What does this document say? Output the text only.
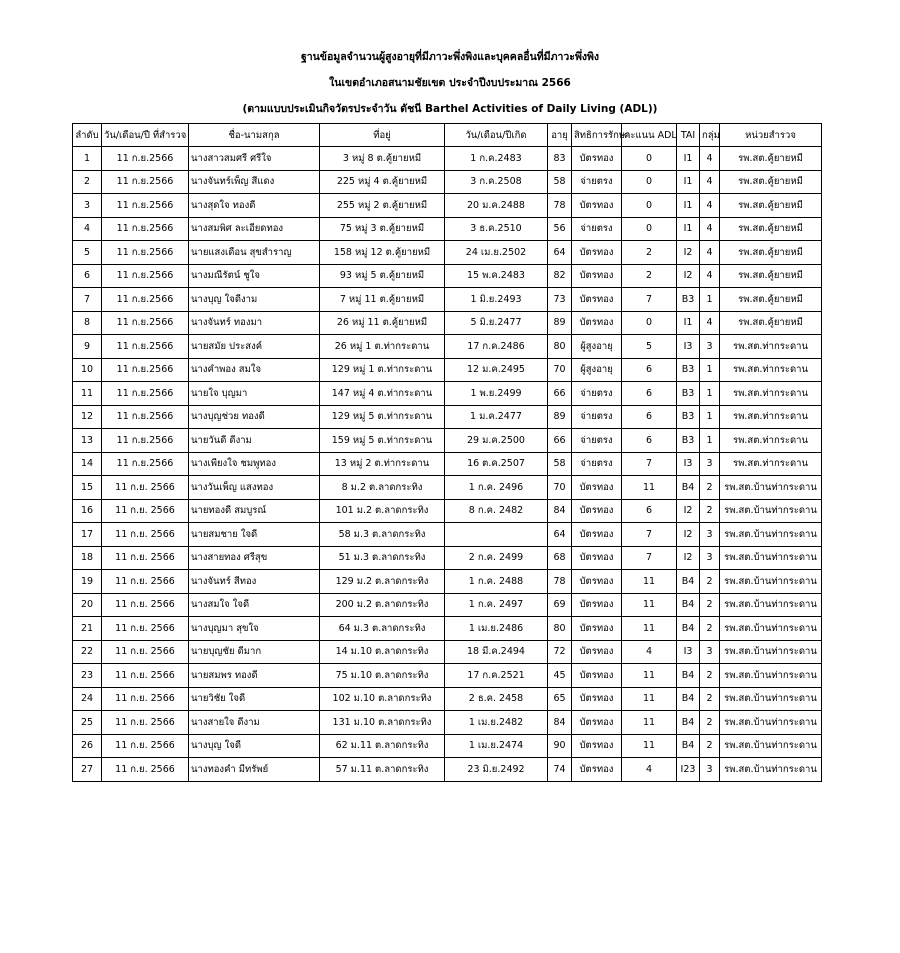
ฐานข้อมูลจำนวนผู้สูงอายุที่มีภาวะพึ่งพิงและบุคคลอื่นที่มีภาวะพึ่งพิง
ในเขตอำเภอสนามชัยเขต ประจำปีงบประมาณ 2566
(ตามแบบประเมินกิจวัตรประจำวัน ดัชนี Barthel Activities of Daily Living (ADL))
ลำดับ	วัน/เดือน/ปี ที่สำรวจ	ชื่อ-นามสกุล	ที่อยู่	วัน/เดือน/ปีเกิด	อายุ	สิทธิการรักษา	คะแนน ADL	TAI	กลุ่ม	หน่วยสำรวจ
1	11 ก.ย.2566	นางสาวสมศรี ศรีใจ	3 หมู่ 8 ต.คู้ยายหมี	1 ก.ค.2483	83	บัตรทอง	0	I1	4	รพ.สต.คู้ยายหมี
2	11 ก.ย.2566	นางจันทร์เพ็ญ สีแดง	225 หมู่ 4 ต.คู้ยายหมี	3 ก.ค.2508	58	จ่ายตรง	0	I1	4	รพ.สต.คู้ยายหมี
3	11 ก.ย.2566	นางสุดใจ ทองดี	255 หมู่ 2 ต.คู้ยายหมี	20 ม.ค.2488	78	บัตรทอง	0	I1	4	รพ.สต.คู้ยายหมี
4	11 ก.ย.2566	นางสมพิศ ละเอียดทอง	75 หมู่ 3 ต.คู้ยายหมี	3 ธ.ค.2510	56	จ่ายตรง	0	I1	4	รพ.สต.คู้ยายหมี
5	11 ก.ย.2566	นายแสงเดือน สุขสำราญ	158 หมู่ 12 ต.คู้ยายหมี	24 เม.ย.2502	64	บัตรทอง	2	I2	4	รพ.สต.คู้ยายหมี
6	11 ก.ย.2566	นางมณีรัตน์ ชูใจ	93 หมู่ 5 ต.คู้ยายหมี	15 พ.ค.2483	82	บัตรทอง	2	I2	4	รพ.สต.คู้ยายหมี
7	11 ก.ย.2566	นางบุญ ใจดีงาม	7 หมู่ 11 ต.คู้ยายหมี	1 มิ.ย.2493	73	บัตรทอง	7	B3	1	รพ.สต.คู้ยายหมี
8	11 ก.ย.2566	นางจันทร์ ทองมา	26 หมู่ 11 ต.คู้ยายหมี	5 มิ.ย.2477	89	บัตรทอง	0	I1	4	รพ.สต.คู้ยายหมี
9	11 ก.ย.2566	นายสมัย ประสงค์	26 หมู่ 1 ต.ท่ากระดาน	17 ก.ค.2486	80	ผู้สูงอายุ	5	I3	3	รพ.สต.ท่ากระดาน
10	11 ก.ย.2566	นางคำพอง สมใจ	129 หมู่ 1 ต.ท่ากระดาน	12 ม.ค.2495	70	ผู้สูงอายุ	6	B3	1	รพ.สต.ท่ากระดาน
11	11 ก.ย.2566	นายใจ บุญมา	147 หมู่ 4 ต.ท่ากระดาน	1 พ.ย.2499	66	จ่ายตรง	6	B3	1	รพ.สต.ท่ากระดาน
12	11 ก.ย.2566	นางบุญช่วย ทองดี	129 หมู่ 5 ต.ท่ากระดาน	1 ม.ค.2477	89	จ่ายตรง	6	B3	1	รพ.สต.ท่ากระดาน
13	11 ก.ย.2566	นายวันดี ดีงาม	159 หมู่ 5 ต.ท่ากระดาน	29 ม.ค.2500	66	จ่ายตรง	6	B3	1	รพ.สต.ท่ากระดาน
14	11 ก.ย.2566	นางเพียงใจ ชมพูทอง	13 หมู่ 2 ต.ท่ากระดาน	16 ต.ค.2507	58	จ่ายตรง	7	I3	3	รพ.สต.ท่ากระดาน
15	11 ก.ย. 2566	นางวันเพ็ญ แสงทอง	8 ม.2 ต.ลาดกระทิง	1 ก.ค. 2496	70	บัตรทอง	11	B4	2	รพ.สต.บ้านท่ากระดาน
16	11 ก.ย. 2566	นายทองดี สมบูรณ์	101 ม.2 ต.ลาดกระทิง	8 ก.ค. 2482	84	บัตรทอง	6	I2	2	รพ.สต.บ้านท่ากระดาน
17	11 ก.ย. 2566	นายสมชาย ใจดี	58 ม.3 ต.ลาดกระทิง		64	บัตรทอง	7	I2	3	รพ.สต.บ้านท่ากระดาน
18	11 ก.ย. 2566	นางสายทอง ศรีสุข	51 ม.3 ต.ลาดกระทิง	2 ก.ค. 2499	68	บัตรทอง	7	I2	3	รพ.สต.บ้านท่ากระดาน
19	11 ก.ย. 2566	นางจันทร์ สีทอง	129 ม.2 ต.ลาดกระทิง	1 ก.ค. 2488	78	บัตรทอง	11	B4	2	รพ.สต.บ้านท่ากระดาน
20	11 ก.ย. 2566	นางสมใจ ใจดี	200 ม.2 ต.ลาดกระทิง	1 ก.ค. 2497	69	บัตรทอง	11	B4	2	รพ.สต.บ้านท่ากระดาน
21	11 ก.ย. 2566	นางบุญมา สุขใจ	64 ม.3 ต.ลาดกระทิง	1 เม.ย.2486	80	บัตรทอง	11	B4	2	รพ.สต.บ้านท่ากระดาน
22	11 ก.ย. 2566	นายบุญชัย ดีมาก	14 ม.10 ต.ลาดกระทิง	18 มี.ค.2494	72	บัตรทอง	4	I3	3	รพ.สต.บ้านท่ากระดาน
23	11 ก.ย. 2566	นายสมพร ทองดี	75 ม.10 ต.ลาดกระทิง	17 ก.ค.2521	45	บัตรทอง	11	B4	2	รพ.สต.บ้านท่ากระดาน
24	11 ก.ย. 2566	นายวิชัย ใจดี	102 ม.10 ต.ลาดกระทิง	2 ธ.ค. 2458	65	บัตรทอง	11	B4	2	รพ.สต.บ้านท่ากระดาน
25	11 ก.ย. 2566	นางสายใจ ดีงาม	131 ม.10 ต.ลาดกระทิง	1 เม.ย.2482	84	บัตรทอง	11	B4	2	รพ.สต.บ้านท่ากระดาน
26	11 ก.ย. 2566	นางบุญ ใจดี	62 ม.11 ต.ลาดกระทิง	1 เม.ย.2474	90	บัตรทอง	11	B4	2	รพ.สต.บ้านท่ากระดาน
27	11 ก.ย. 2566	นางทองคำ มีทรัพย์	57 ม.11 ต.ลาดกระทิง	23 มิ.ย.2492	74	บัตรทอง	4	I23	3	รพ.สต.บ้านท่ากระดาน
